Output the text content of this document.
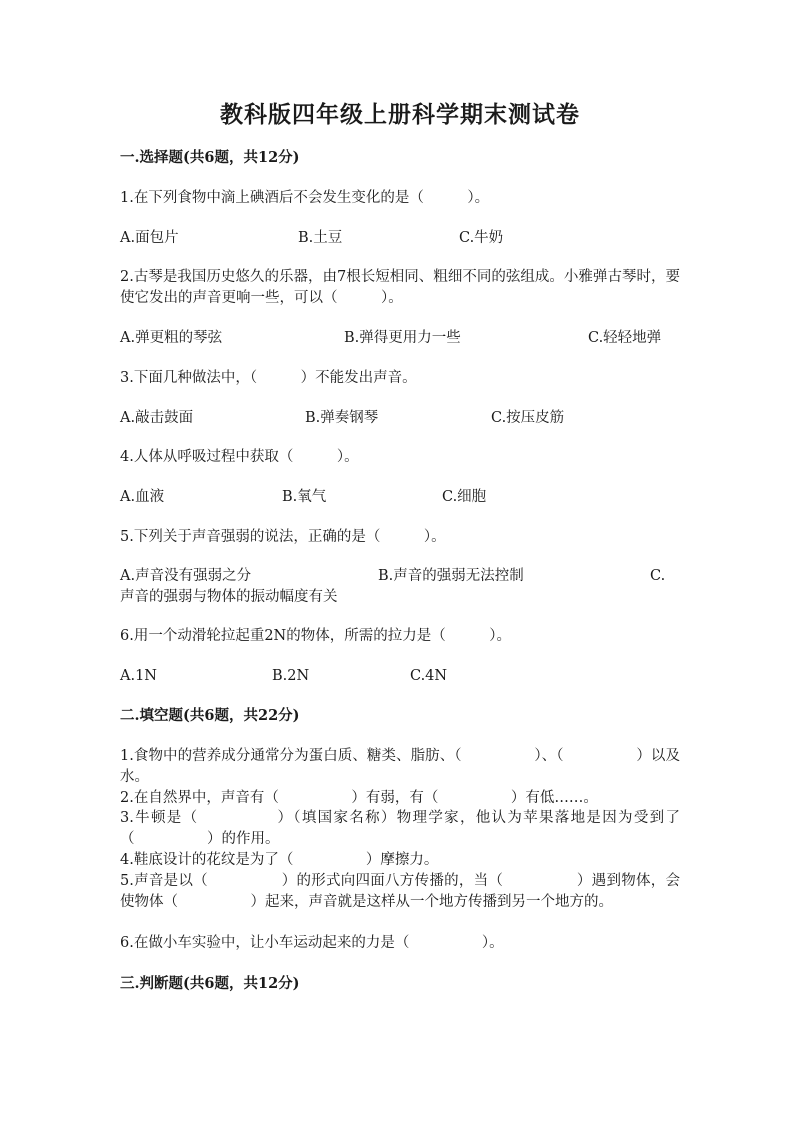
教科版四年级上册科学期末测试卷
一.选择题(共6题，共12分)
1.在下列食物中滴上碘酒后不会发生变化的是（　　　）。
A.面包片	B.土豆	C.牛奶
2.古琴是我国历史悠久的乐器，由7根长短相同、粗细不同的弦组成。小雅弹古琴时，要使它发出的声音更响一些，可以（　　　）。
A.弹更粗的琴弦	B.弹得更用力一些	C.轻轻地弹
3.下面几种做法中，（　　　）不能发出声音。
A.敲击鼓面	B.弹奏钢琴	C.按压皮筋
4.人体从呼吸过程中获取（　　　）。
A.血液	B.氧气	C.细胞
5.下列关于声音强弱的说法，正确的是（　　　）。
A.声音没有强弱之分	B.声音的强弱无法控制	C.
声音的强弱与物体的振动幅度有关
6.用一个动滑轮拉起重2N的物体，所需的拉力是（　　　）。
A.1N	B.2N	C.4N
二.填空题(共6题，共22分)
1.食物中的营养成分通常分为蛋白质、糖类、脂肪、（　　　　　）、（　　　　　）以及水。
2.在自然界中，声音有（　　　　　）有弱，有（　　　　　）有低……。
3.牛顿是（　　　　　）（填国家名称）物理学家，他认为苹果落地是因为受到了（　　　　　）的作用。
4.鞋底设计的花纹是为了（　　　　　）摩擦力。
5.声音是以（　　　　　）的形式向四面八方传播的，当（　　　　　）遇到物体，会使物体（　　　　　）起来，声音就是这样从一个地方传播到另一个地方的。
6.在做小车实验中，让小车运动起来的力是（　　　　　）。
三.判断题(共6题，共12分)
